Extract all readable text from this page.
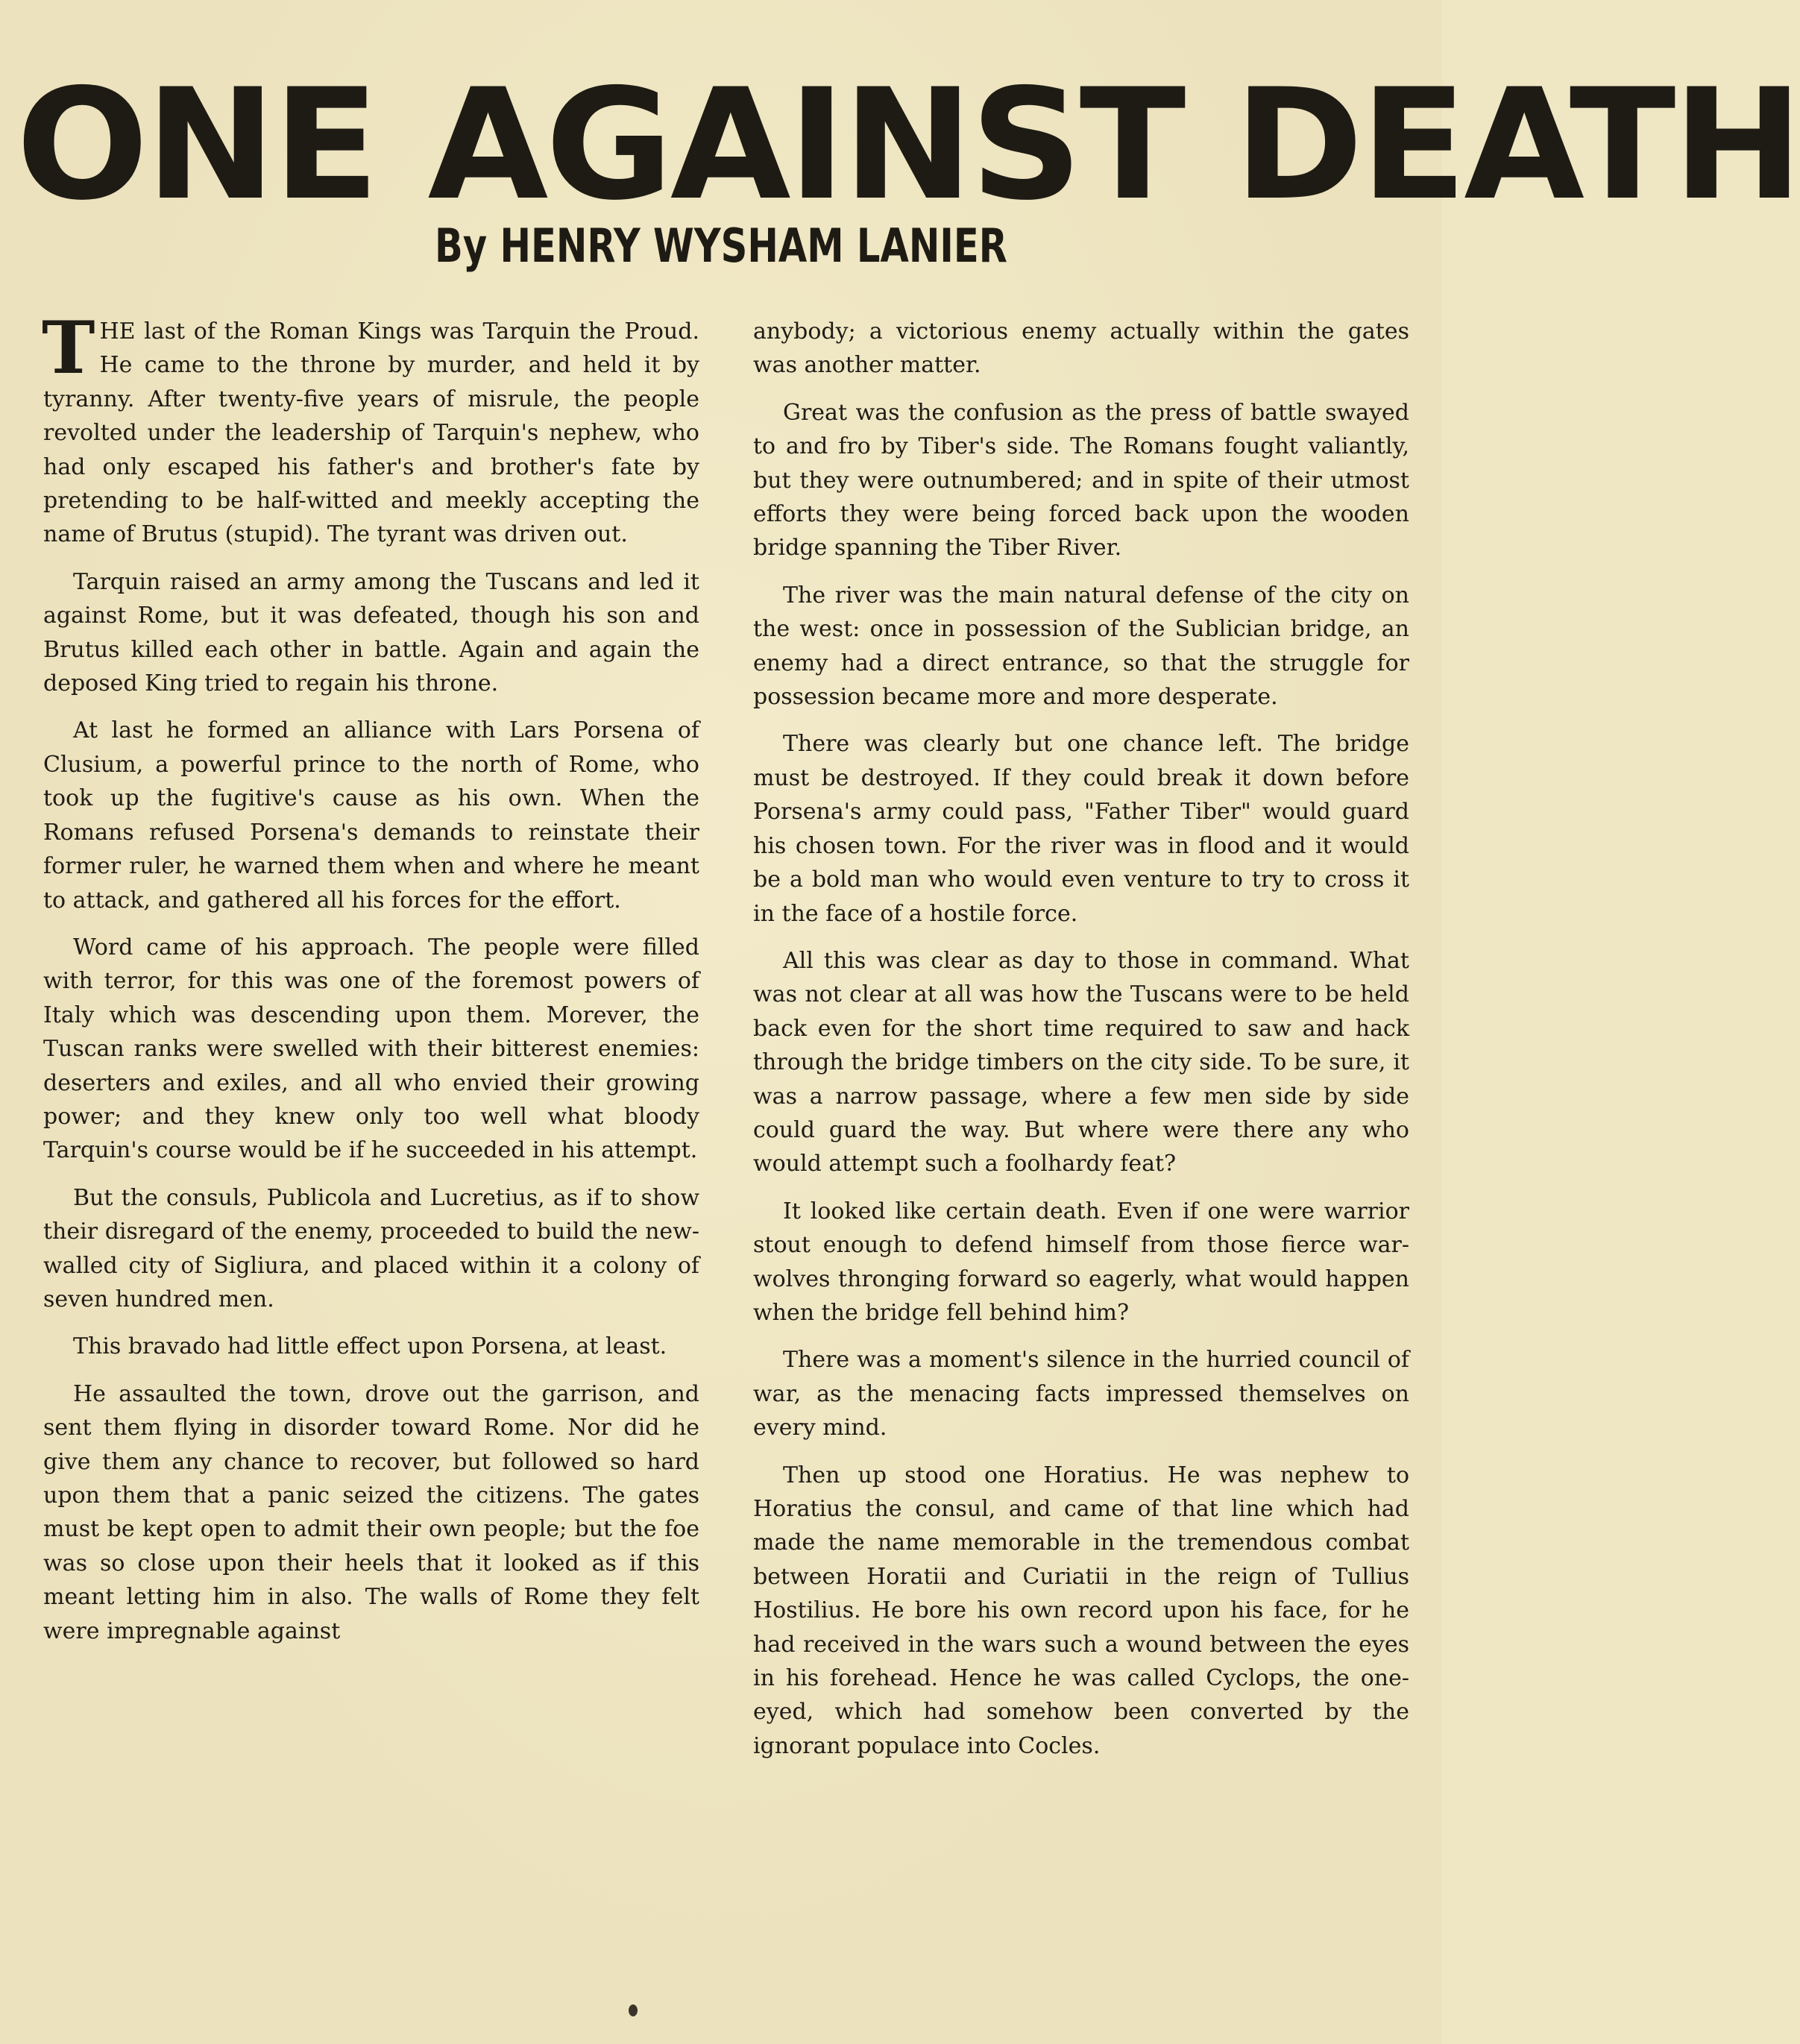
ONE AGAINST DEATH
By HENRY WYSHAM LANIER

THE last of the Roman Kings was Tarquin the Proud. He came to the throne by murder, and held it by tyranny. After twenty-five years of misrule, the people revolted under the leadership of Tarquin's nephew, who had only escaped his father's and brother's fate by pretending to be half-witted and meekly accepting the name of Brutus (stupid). The tyrant was driven out.

Tarquin raised an army among the Tuscans and led it against Rome, but it was defeated, though his son and Brutus killed each other in battle. Again and again the deposed King tried to regain his throne.

At last he formed an alliance with Lars Porsena of Clusium, a powerful prince to the north of Rome, who took up the fugitive's cause as his own. When the Romans refused Porsena's demands to reinstate their former ruler, he warned them when and where he meant to attack, and gathered all his forces for the effort.

Word came of his approach. The people were filled with terror, for this was one of the foremost powers of Italy which was descending upon them. Morever, the Tuscan ranks were swelled with their bitterest enemies: deserters and exiles, and all who envied their growing power; and they knew only too well what bloody Tarquin's course would be if he succeeded in his attempt.

But the consuls, Publicola and Lucretius, as if to show their disregard of the enemy, proceeded to build the new-walled city of Sigliura, and placed within it a colony of seven hundred men.

This bravado had little effect upon Porsena, at least.

He assaulted the town, drove out the garrison, and sent them flying in disorder toward Rome. Nor did he give them any chance to recover, but followed so hard upon them that a panic seized the citizens. The gates must be kept open to admit their own people; but the foe was so close upon their heels that it looked as if this meant letting him in also. The walls of Rome they felt were impregnable against

anybody; a victorious enemy actually within the gates was another matter.

Great was the confusion as the press of battle swayed to and fro by Tiber's side. The Romans fought valiantly, but they were outnumbered; and in spite of their utmost efforts they were being forced back upon the wooden bridge spanning the Tiber River.

The river was the main natural defense of the city on the west: once in possession of the Sublician bridge, an enemy had a direct entrance, so that the struggle for possession became more and more desperate.

There was clearly but one chance left. The bridge must be destroyed. If they could break it down before Porsena's army could pass, "Father Tiber" would guard his chosen town. For the river was in flood and it would be a bold man who would even venture to try to cross it in the face of a hostile force.

All this was clear as day to those in command. What was not clear at all was how the Tuscans were to be held back even for the short time required to saw and hack through the bridge timbers on the city side. To be sure, it was a narrow passage, where a few men side by side could guard the way. But where were there any who would attempt such a foolhardy feat?

It looked like certain death. Even if one were warrior stout enough to defend himself from those fierce war-wolves thronging forward so eagerly, what would happen when the bridge fell behind him?

There was a moment's silence in the hurried council of war, as the menacing facts impressed themselves on every mind.

Then up stood one Horatius. He was nephew to Horatius the consul, and came of that line which had made the name memorable in the tremendous combat between Horatii and Curiatii in the reign of Tullius Hostilius. He bore his own record upon his face, for he had received in the wars such a wound between the eyes in his forehead. Hence he was called Cyclops, the one-eyed, which had somehow been converted by the ignorant populace into Cocles.
